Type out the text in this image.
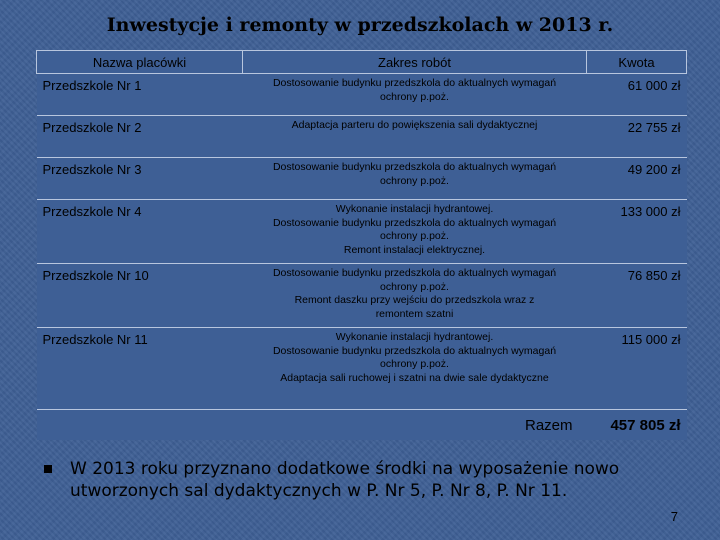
Inwestycje i remonty w przedszkolach w 2013 r.
Nazwa placówki	Zakres robót	Kwota
Przedszkole Nr 1	Dostosowanie budynku przedszkola do aktualnych wymagań
ochrony p.poż.	61 000 zł
Przedszkole Nr 2	Adaptacja parteru do powiększenia sali dydaktycznej	22 755 zł
Przedszkole Nr 3	Dostosowanie budynku przedszkola do aktualnych wymagań
ochrony p.poż.	49 200 zł
Przedszkole Nr 4	Wykonanie instalacji hydrantowej.
Dostosowanie budynku przedszkola do aktualnych wymagań
ochrony p.poż.
Remont instalacji elektrycznej.	133 000 zł
Przedszkole Nr 10	Dostosowanie budynku przedszkola do aktualnych wymagań
ochrony p.poż.
Remont daszku przy wejściu do przedszkola wraz z
remontem szatni	76 850 zł
Przedszkole Nr 11	Wykonanie instalacji hydrantowej.
Dostosowanie budynku przedszkola do aktualnych wymagań
ochrony p.poż.
Adaptacja sali ruchowej i szatni na dwie sale dydaktyczne	115 000 zł
	Razem	457 805 zł
W 2013 roku przyznano dodatkowe środki na wyposażenie nowo utworzonych sal dydaktycznych w P. Nr 5, P. Nr 8, P. Nr 11.
7
